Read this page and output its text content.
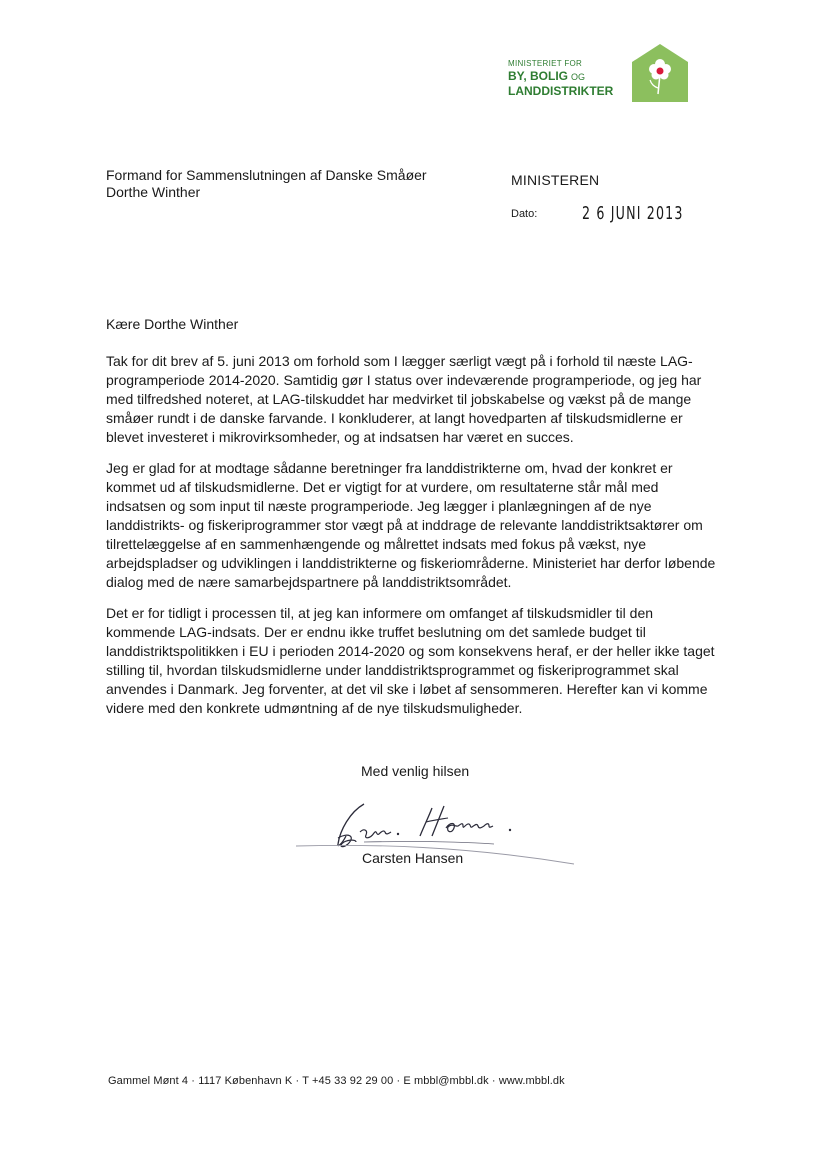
MINISTERIET FOR
BY, BOLIG OG
LANDDISTRIKTER
Formand for Sammenslutningen af Danske Småøer
Dorthe Winther
MINISTEREN
Dato: 2 6 JUNI 2013
Kære Dorthe Winther

Tak for dit brev af 5. juni 2013 om forhold som I lægger særligt vægt på i forhold til næste LAG-programperiode 2014-2020. Samtidig gør I status over indeværende programperiode, og jeg har med tilfredshed noteret, at LAG-tilskuddet har medvirket til jobskabelse og vækst på de mange småøer rundt i de danske farvande. I konkluderer, at langt hovedparten af tilskudsmidlerne er blevet investeret i mikrovirksomheder, og at indsatsen har været en succes.

Jeg er glad for at modtage sådanne beretninger fra landdistrikterne om, hvad der konkret er kommet ud af tilskudsmidlerne. Det er vigtigt for at vurdere, om resultaterne står mål med indsatsen og som input til næste programperiode. Jeg lægger i planlægningen af de nye landdistrikts- og fiskeriprogrammer stor vægt på at inddrage de relevante landdistriktsaktører om tilrettelæggelse af en sammenhængende og målrettet indsats med fokus på vækst, nye arbejdspladser og udviklingen i landdistrikterne og fiskeriområderne. Ministeriet har derfor løbende dialog med de nære samarbejdspartnere på landdistriktsområdet.

Det er for tidligt i processen til, at jeg kan informere om omfanget af tilskudsmidler til den kommende LAG-indsats. Der er endnu ikke truffet beslutning om det samlede budget til landdistriktspolitikken i EU i perioden 2014-2020 og som konsekvens heraf, er der heller ikke taget stilling til, hvordan tilskudsmidlerne under landdistriktsprogrammet og fiskeriprogrammet skal anvendes i Danmark. Jeg forventer, at det vil ske i løbet af sensommeren. Herefter kan vi komme videre med den konkrete udmøntning af de nye tilskudsmuligheder.

Med venlig hilsen
Carsten Hansen
Gammel Mønt 4 · 1117 København K · T +45 33 92 29 00 · E mbbl@mbbl.dk · www.mbbl.dk
